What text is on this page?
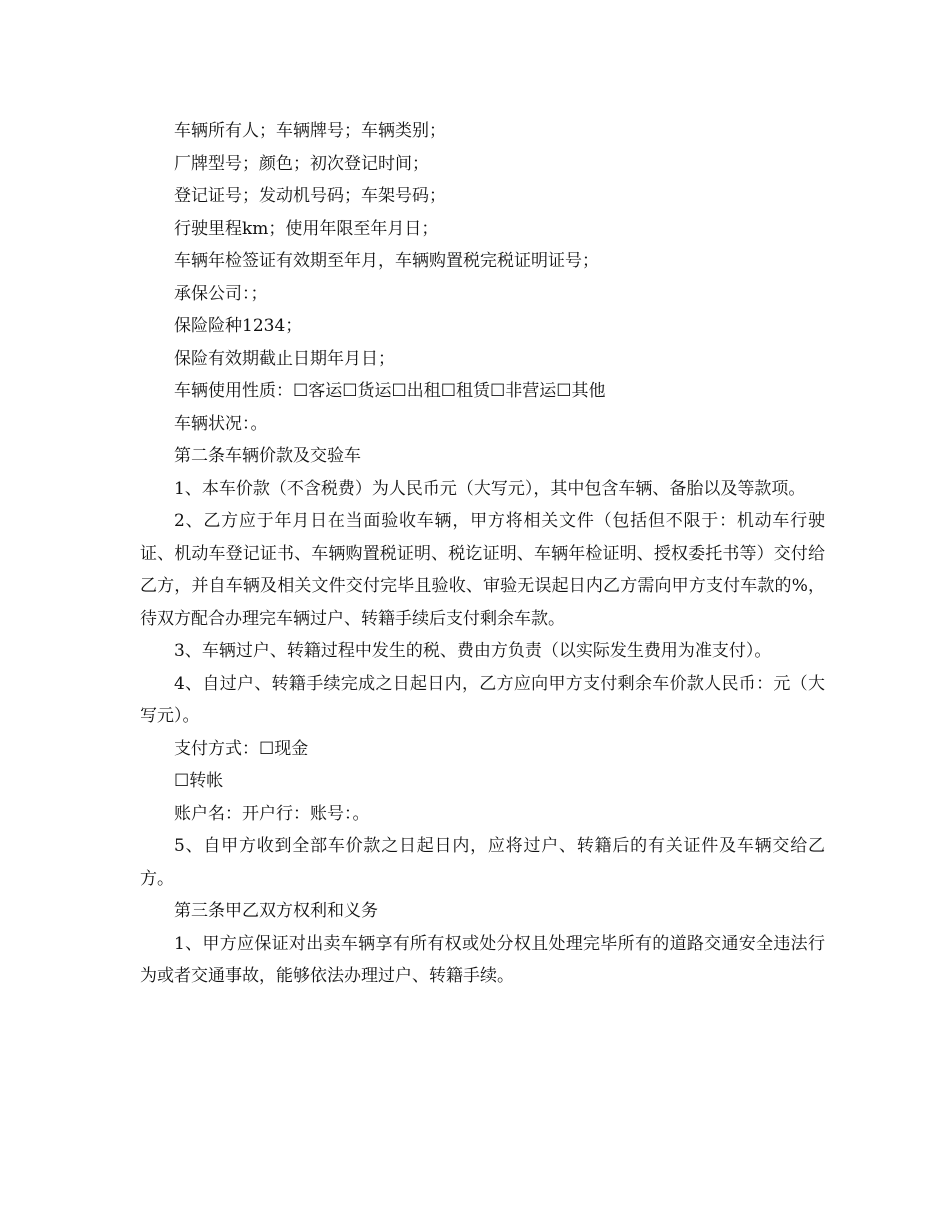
车辆所有人；车辆牌号；车辆类别；

厂牌型号；颜色；初次登记时间；

登记证号；发动机号码；车架号码；

行驶里程km；使用年限至年月日；

车辆年检签证有效期至年月，车辆购置税完税证明证号；

承保公司：；

保险险种1234；

保险有效期截止日期年月日；

车辆使用性质：☐客运☐货运☐出租☐租赁☐非营运☐其他

车辆状况：。

第二条车辆价款及交验车

1、本车价款（不含税费）为人民币元（大写元），其中包含车辆、备胎以及等款项。

2、乙方应于年月日在当面验收车辆，甲方将相关文件（包括但不限于：机动车行驶证、机动车登记证书、车辆购置税证明、税讫证明、车辆年检证明、授权委托书等）交付给乙方，并自车辆及相关文件交付完毕且验收、审验无误起日内乙方需向甲方支付车款的%，待双方配合办理完车辆过户、转籍手续后支付剩余车款。

3、车辆过户、转籍过程中发生的税、费由方负责（以实际发生费用为准支付）。

4、自过户、转籍手续完成之日起日内，乙方应向甲方支付剩余车价款人民币：元（大写元）。

支付方式：☐现金

☐转帐

账户名：开户行：账号：。

5、自甲方收到全部车价款之日起日内，应将过户、转籍后的有关证件及车辆交给乙方。

第三条甲乙双方权利和义务

1、甲方应保证对出卖车辆享有所有权或处分权且处理完毕所有的道路交通安全违法行为或者交通事故，能够依法办理过户、转籍手续。
